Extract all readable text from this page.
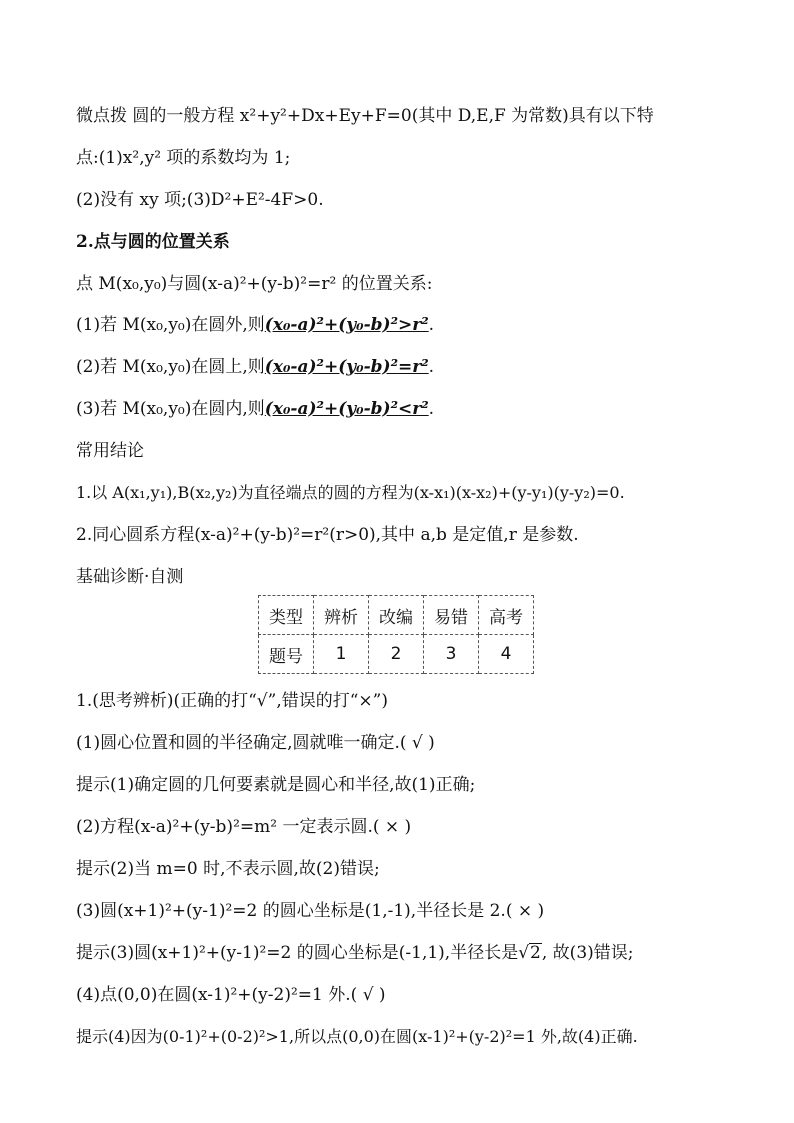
微点拨 圆的一般方程 x²+y²+Dx+Ey+F=0(其中 D,E,F 为常数)具有以下特
点:(1)x²,y² 项的系数均为 1;
(2)没有 xy 项;(3)D²+E²-4F>0.
2.点与圆的位置关系
点 M(x₀,y₀)与圆(x-a)²+(y-b)²=r² 的位置关系:
(1)若 M(x₀,y₀)在圆外,则(x₀-a)²+(y₀-b)²>r².
(2)若 M(x₀,y₀)在圆上,则(x₀-a)²+(y₀-b)²=r².
(3)若 M(x₀,y₀)在圆内,则(x₀-a)²+(y₀-b)²<r².
常用结论
1.以 A(x₁,y₁),B(x₂,y₂)为直径端点的圆的方程为(x-x₁)(x-x₂)+(y-y₁)(y-y₂)=0.
2.同心圆系方程(x-a)²+(y-b)²=r²(r>0),其中 a,b 是定值,r 是参数.
基础诊断·自测
类型	辨析	改编	易错	高考
题号	1	2	3	4
1.(思考辨析)(正确的打“√”,错误的打“×”)
(1)圆心位置和圆的半径确定,圆就唯一确定.( √ )
提示(1)确定圆的几何要素就是圆心和半径,故(1)正确;
(2)方程(x-a)²+(y-b)²=m² 一定表示圆.( × )
提示(2)当 m=0 时,不表示圆,故(2)错误;
(3)圆(x+1)²+(y-1)²=2 的圆心坐标是(1,-1),半径长是 2.( × )
提示(3)圆(x+1)²+(y-1)²=2 的圆心坐标是(-1,1),半径长是√2, 故(3)错误;
(4)点(0,0)在圆(x-1)²+(y-2)²=1 外.( √ )
提示(4)因为(0-1)²+(0-2)²>1,所以点(0,0)在圆(x-1)²+(y-2)²=1 外,故(4)正确.
